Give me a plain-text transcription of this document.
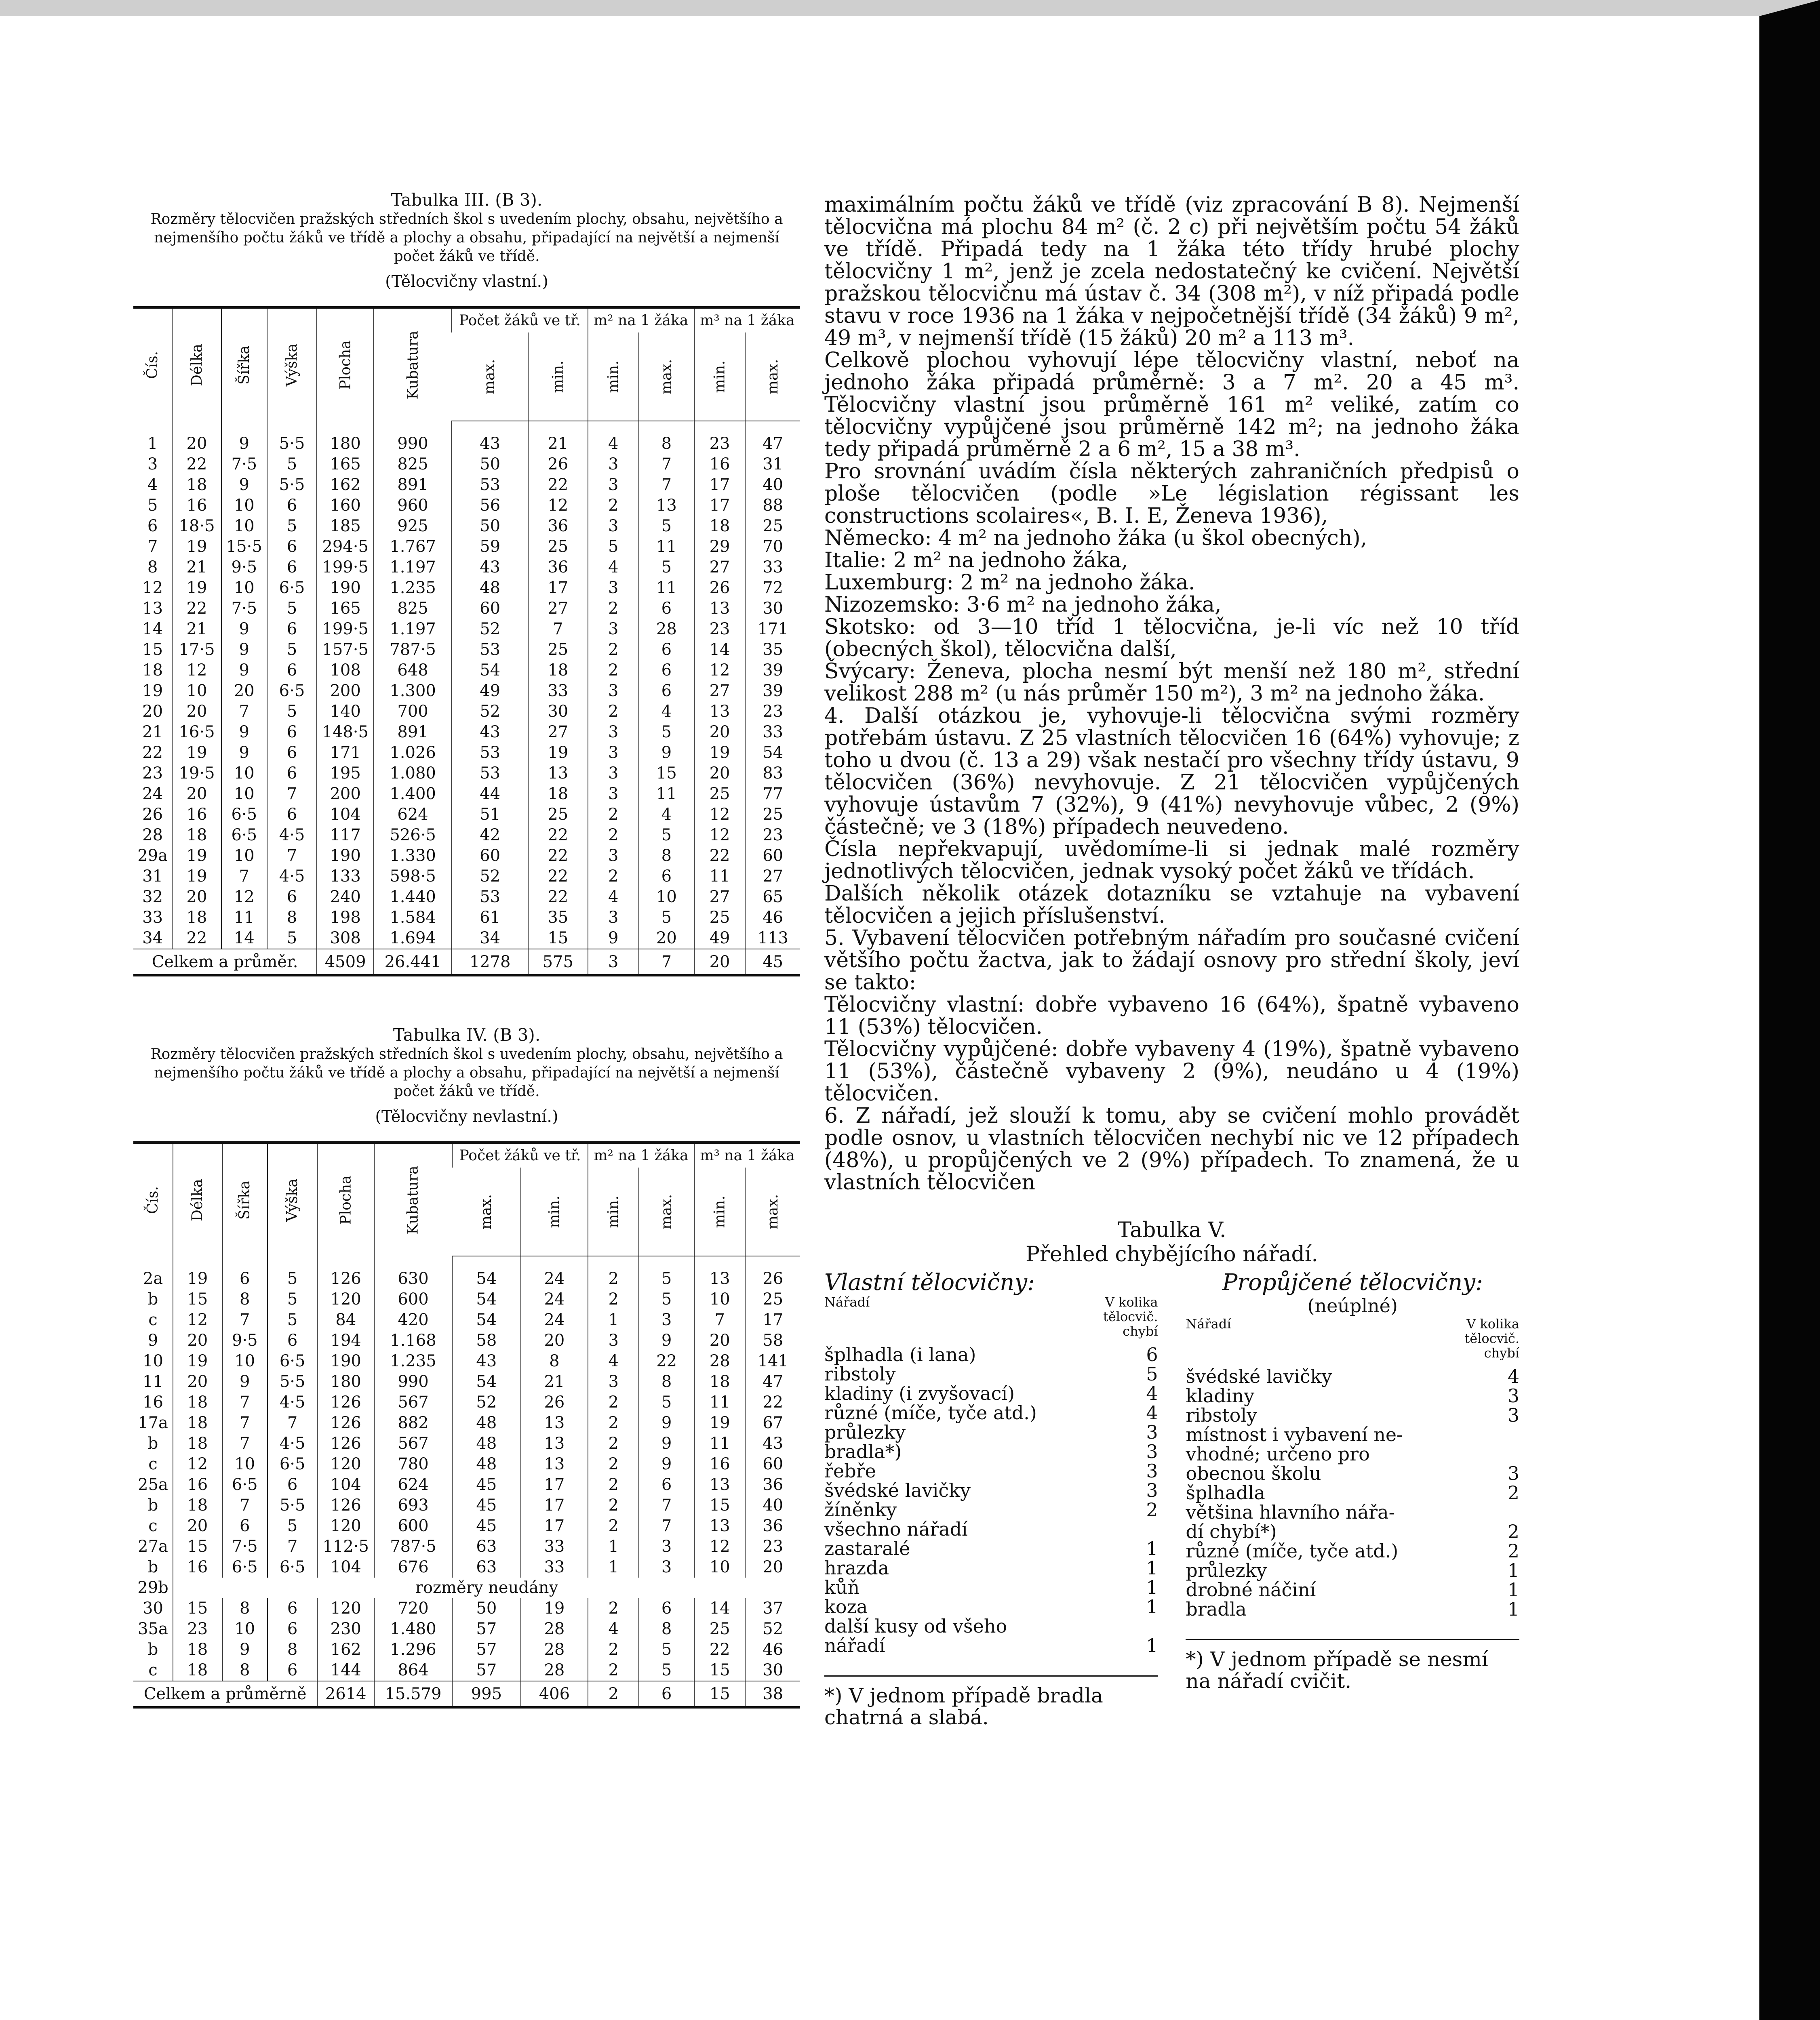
Tabulka III. (B 3).

Rozměry tělocvičen pražských středních škol s uvedením plochy, obsahu, největšího a nejmenšího počtu žáků ve třídě a plochy a obsahu, připadající na největší a nejmenší počet žáků ve třídě.

(Tělocvičny vlastní.)

Čís.	Délka	Šířka	Výška	Plocha	Kubatura	Počet žáků ve tř.		m² na 1 žáka		m³ na 1 žáka	
						max.	min.	min.	max.	min.	max.

1	20	9	5·5	180	990	43	21	4	8	23	47
3	22	7·5	5	165	825	50	26	3	7	16	31
4	18	9	5·5	162	891	53	22	3	7	17	40
5	16	10	6	160	960	56	12	2	13	17	88
6	18·5	10	5	185	925	50	36	3	5	18	25
7	19	15·5	6	294·5	1.767	59	25	5	11	29	70
8	21	9·5	6	199·5	1.197	43	36	4	5	27	33
12	19	10	6·5	190	1.235	48	17	3	11	26	72
13	22	7·5	5	165	825	60	27	2	6	13	30
14	21	9	6	199·5	1.197	52	7	3	28	23	171
15	17·5	9	5	157·5	787·5	53	25	2	6	14	35
18	12	9	6	108	648	54	18	2	6	12	39
19	10	20	6·5	200	1.300	49	33	3	6	27	39
20	20	7	5	140	700	52	30	2	4	13	23
21	16·5	9	6	148·5	891	43	27	3	5	20	33
22	19	9	6	171	1.026	53	19	3	9	19	54
23	19·5	10	6	195	1.080	53	13	3	15	20	83
24	20	10	7	200	1.400	44	18	3	11	25	77
26	16	6·5	6	104	624	51	25	2	4	12	25
28	18	6·5	4·5	117	526·5	42	22	2	5	12	23
29a	19	10	7	190	1.330	60	22	3	8	22	60
31	19	7	4·5	133	598·5	52	22	2	6	11	27
32	20	12	6	240	1.440	53	22	4	10	27	65
33	18	11	8	198	1.584	61	35	3	5	25	46
34	22	14	5	308	1.694	34	15	9	20	49	113
Celkem a průměr.				4509	26.441	1278	575	3	7	20	45

Tabulka IV. (B 3).

Rozměry tělocvičen pražských středních škol s uvedením plochy, obsahu, největšího a nejmenšího počtu žáků ve třídě a plochy a obsahu, připadající na největší a nejmenší počet žáků ve třídě.

(Tělocvičny nevlastní.)

Čís.	Délka	Šířka	Výška	Plocha	Kubatura	Počet žáků ve tř.		m² na 1 žáka		m³ na 1 žáka	
						max.	min.	min.	max.	min.	max.

2a	19	6	5	126	630	54	24	2	5	13	26
b	15	8	5	120	600	54	24	2	5	10	25
c	12	7	5	84	420	54	24	1	3	7	17
9	20	9·5	6	194	1.168	58	20	3	9	20	58
10	19	10	6·5	190	1.235	43	8	4	22	28	141
11	20	9	5·5	180	990	54	21	3	8	18	47
16	18	7	4·5	126	567	52	26	2	5	11	22
17a	18	7	7	126	882	48	13	2	9	19	67
b	18	7	4·5	126	567	48	13	2	9	11	43
c	12	10	6·5	120	780	48	13	2	9	16	60
25a	16	6·5	6	104	624	45	17	2	6	13	36
b	18	7	5·5	126	693	45	17	2	7	15	40
c	20	6	5	120	600	45	17	2	7	13	36
27a	15	7·5	7	112·5	787·5	63	33	1	3	12	23
b	16	6·5	6·5	104	676	63	33	1	3	10	20
29b	rozměry neudány										
30	15	8	6	120	720	50	19	2	6	14	37
35a	23	10	6	230	1.480	57	28	4	8	25	52
b	18	9	8	162	1.296	57	28	2	5	22	46
c	18	8	6	144	864	57	28	2	5	15	30
Celkem a průměrně				2614	15.579	995	406	2	6	15	38

maximálním počtu žáků ve třídě (viz zpracování B 8). Nejmenší tělocvična má plochu 84 m² (č. 2 c) při největším počtu 54 žáků ve třídě. Připadá tedy na 1 žáka této třídy hrubé plochy tělocvičny 1 m², jenž je zcela nedostatečný ke cvičení. Největší pražskou tělocvičnu má ústav č. 34 (308 m²), v níž připadá podle stavu v roce 1936 na 1 žáka v nejpočetnější třídě (34 žáků) 9 m², 49 m³, v nejmenší třídě (15 žáků) 20 m² a 113 m³.

Celkově plochou vyhovují lépe tělocvičny vlastní, neboť na jednoho žáka připadá průměrně: 3 a 7 m². 20 a 45 m³. Tělocvičny vlastní jsou průměrně 161 m² veliké, zatím co tělocvičny vypůjčené jsou průměrně 142 m²; na jednoho žáka tedy připadá průměrně 2 a 6 m², 15 a 38 m³.

Pro srovnání uvádím čísla některých zahraničních předpisů o ploše tělocvičen (podle »Le législation régissant les constructions scolaires«, B. I. E, Ženeva 1936),

Německo: 4 m² na jednoho žáka (u škol obecných),

Italie: 2 m² na jednoho žáka,

Luxemburg: 2 m² na jednoho žáka.

Nizozemsko: 3·6 m² na jednoho žáka,

Skotsko: od 3—10 tříd 1 tělocvična, je-li víc než 10 tříd (obecných škol), tělocvična další,

Švýcary: Ženeva, plocha nesmí být menší než 180 m², střední velikost 288 m² (u nás průměr 150 m²), 3 m² na jednoho žáka.

4. Další otázkou je, vyhovuje-li tělocvična svými rozměry potřebám ústavu. Z 25 vlastních tělocvičen 16 (64%) vyhovuje; z toho u dvou (č. 13 a 29) však nestačí pro všechny třídy ústavu, 9 tělocvičen (36%) nevyhovuje. Z 21 tělocvičen vypůjčených vyhovuje ústavům 7 (32%), 9 (41%) nevyhovuje vůbec, 2 (9%) částečně; ve 3 (18%) případech neuvedeno.

Čísla nepřekvapují, uvědomíme-li si jednak malé rozměry jednotlivých tělocvičen, jednak vysoký počet žáků ve třídách.

Dalších několik otázek dotazníku se vztahuje na vybavení tělocvičen a jejich příslušenství.

5. Vybavení tělocvičen potřebným nářadím pro současné cvičení většího počtu žactva, jak to žádají osnovy pro střední školy, jeví se takto:

Tělocvičny vlastní: dobře vybaveno 16 (64%), špatně vybaveno 11 (53%) tělocvičen.

Tělocvičny vypůjčené: dobře vybaveny 4 (19%), špatně vybaveno 11 (53%), částečně vybaveny 2 (9%), neudáno u 4 (19%) tělocvičen.

6. Z nářadí, jež slouží k tomu, aby se cvičení mohlo provádět podle osnov, u vlastních tělocvičen nechybí nic ve 12 případech (48%), u propůjčených ve 2 (9%) případech. To znamená, že u vlastních tělocvičen

Tabulka V.

Přehled chybějícího nářadí.

Vlastní tělocvičny:
Nářadí	V kolika tělocvič. chybí
šplhadla (i lana)	6
ribstoly	5
kladiny (i zvyšovací)	4
různé (míče, tyče atd.)	4
průlezky	3
bradla*)	3
řebře	3
švédské lavičky	3
žíněnky	2
všechno nářadí
zastaralé	1
hrazda	1
kůň	1
koza	1
další kusy od všeho
nářadí	1
*) V jednom případě bradla chatrná a slabá.
Propůjčené tělocvičny:
(neúplné)
Nářadí	V kolika tělocvič. chybí
švédské lavičky	4
kladiny	3
ribstoly	3
místnost i vybavení ne-
vhodné; určeno pro
obecnou školu	3
šplhadla	2
většina hlavního nářa-
dí chybí*)	2
různé (míče, tyče atd.)	2
průlezky	1
drobné náčiní	1
bradla	1
*) V jednom případě se nesmí na nářadí cvičit.
